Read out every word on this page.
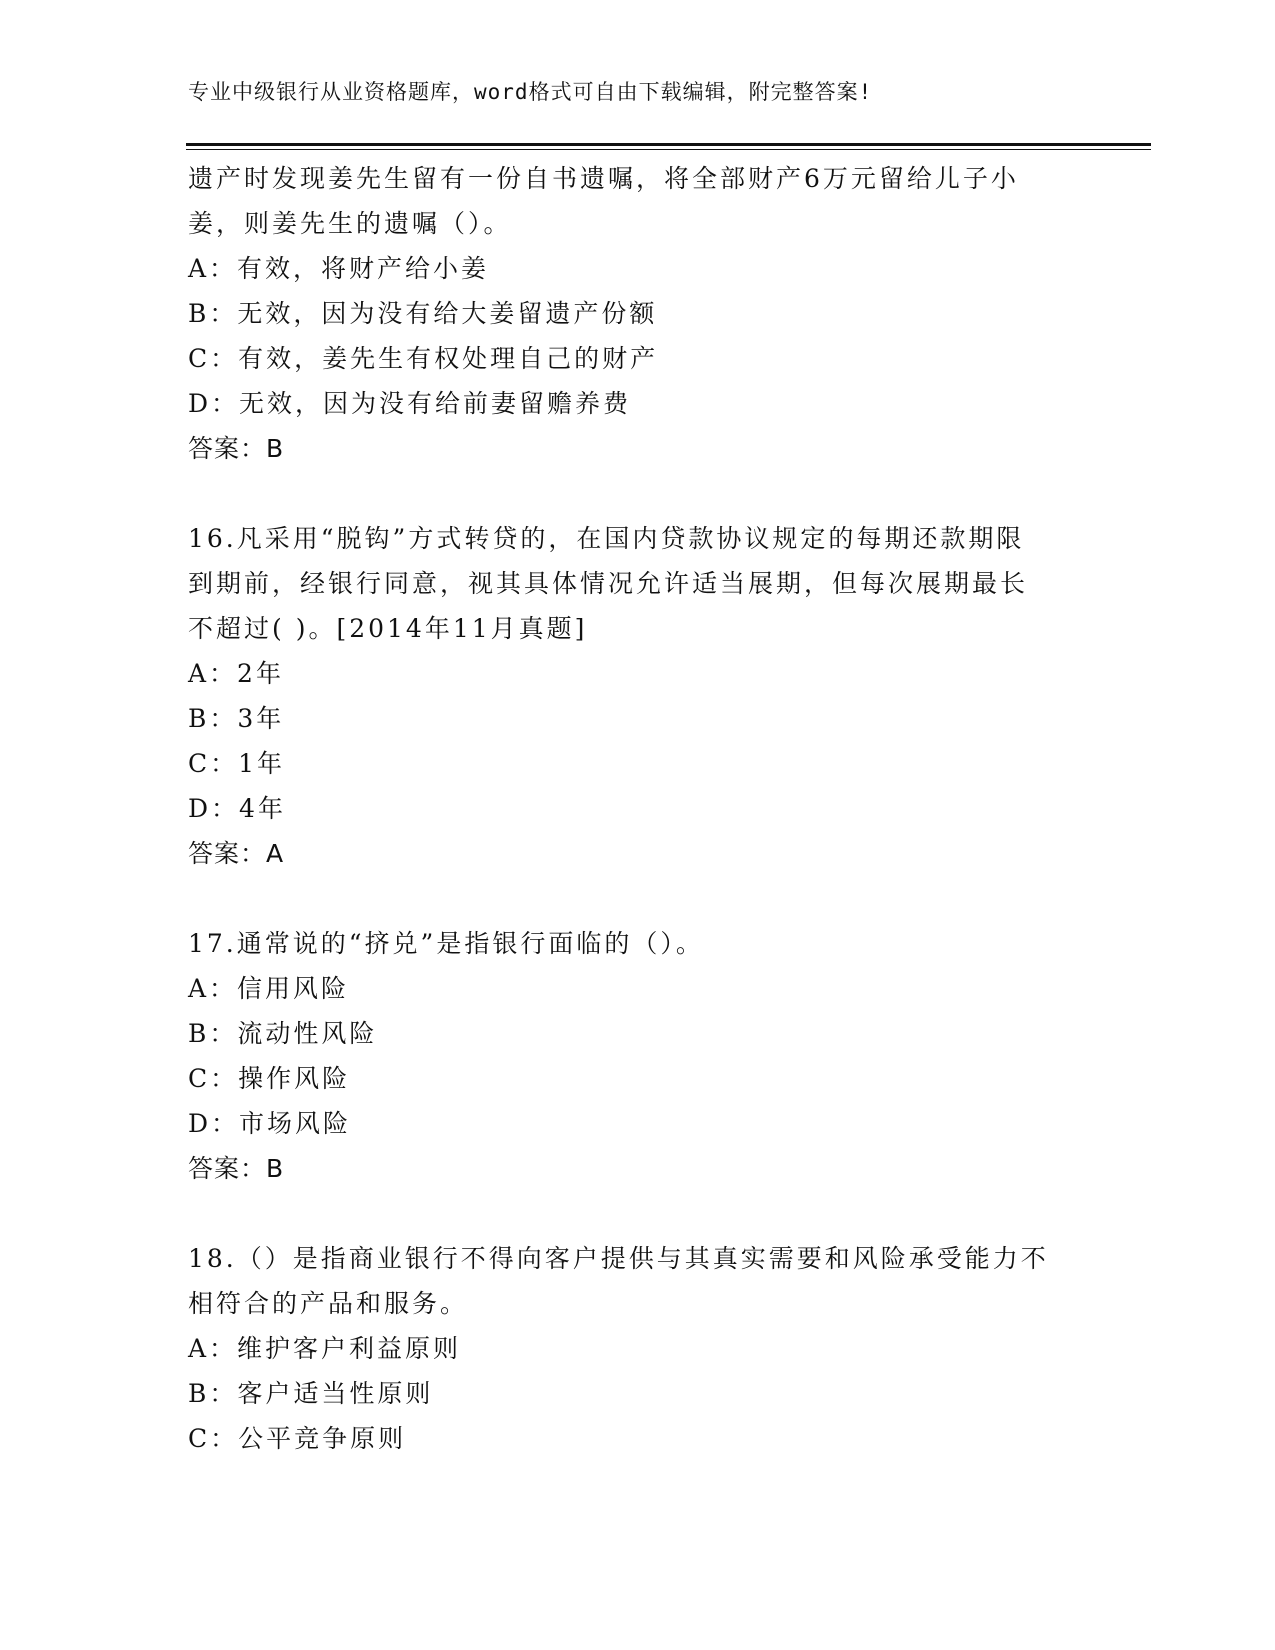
专业中级银行从业资格题库，word格式可自由下载编辑，附完整答案!
遗产时发现姜先生留有一份自书遗嘱，将全部财产6万元留给儿子小
姜，则姜先生的遗嘱（）。
A：有效，将财产给小姜
B：无效，因为没有给大姜留遗产份额
C：有效，姜先生有权处理自己的财产
D：无效，因为没有给前妻留赡养费
答案：B
16.凡采用“脱钩”方式转贷的，在国内贷款协议规定的每期还款期限
到期前，经银行同意，视其具体情况允许适当展期，但每次展期最长
不超过( )。[2014年11月真题]
A：2年
B：3年
C：1年
D：4年
答案：A
17.通常说的“挤兑”是指银行面临的（）。
A：信用风险
B：流动性风险
C：操作风险
D：市场风险
答案：B
18.（）是指商业银行不得向客户提供与其真实需要和风险承受能力不
相符合的产品和服务。
A：维护客户利益原则
B：客户适当性原则
C：公平竞争原则
